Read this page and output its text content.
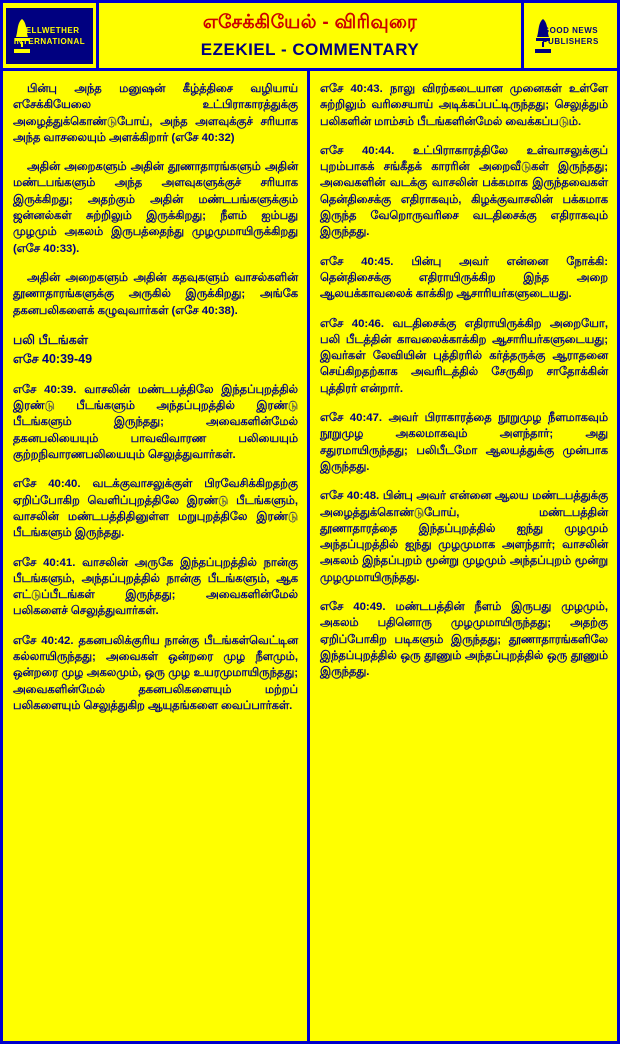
BELLWETHER
INTERNATIONAL
எசேக்கியேல் - விரிவுரை
EZEKIEL - COMMENTARY
GOOD NEWS
PUBLISHERS

பின்பு அந்த மனுஷன் கீழ்த்திசை வழியாய் எசேக்கியேலை உட்பிராகாரத்துக்கு அழைத்துக்கொண்டுபோய், அந்த அளவுக்குச் சரியாக அந்த வாசலையும் அளக்கிறார் (எசே 40:32)

அதின் அறைகளும் அதின் தூணாதாரங்களும் அதின் மண்டபங்களும் அந்த அளவுகளுக்குச் சரியாக இருக்கிறது; அதற்கும் அதின் மண்டபங்களுக்கும் ஜன்னல்கள் சுற்றிலும் இருக்கிறது; நீளம் ஐம்பது முழமும் அகலம் இருபத்தைந்து முழமுமாயிருக்கிறது (எசே 40:33).

அதின் அறைகளும் அதின் கதவுகளும் வாசல்களின் தூணாதாரங்களுக்கு அருகில் இருக்கிறது; அங்கே தகனபலிகளைக் கழுவுவார்கள் (எசே 40:38).

பலி பீடங்கள்
எசே 40:39-49

எசே 40:39. வாசலின் மண்டபத்திலே இந்தப்புறத்தில் இரண்டு பீடங்களும் அந்தப்புறத்தில் இரண்டு பீடங்களும் இருந்தது; அவைகளின்மேல் தகனபலியையும் பாவவிவாரண பலியையும் குற்றநிவாரணபலியையும் செலுத்துவார்கள்.

எசே 40:40. வடக்குவாசலுக்குள் பிரவேசிக்கிறதற்கு ஏறிப்போகிற வெளிப்புறத்திலே இரண்டு பீடங்களும், வாசலின் மண்டபத்திதினுள்ள மறுபுறத்திலே இரண்டு பீடங்களும் இருந்தது.

எசே 40:41. வாசலின் அருகே இந்தப்புறத்தில் நான்கு பீடங்களும், அந்தப்புறத்தில் நான்கு பீடங்களும், ஆக எட்டுப்பீடங்கள் இருந்தது; அவைகளின்மேல் பலிகளைச் செலுத்துவார்கள்.

எசே 40:42. தகனபலிக்குரிய நான்கு பீடங்கள்வெட்டின கல்லாயிருந்தது; அவைகள் ஒன்றரை முழ நீளமும், ஒன்றரை முழ அகலமும், ஒரு முழ உயரமுமாயிருந்தது; அவைகளின்மேல் தகனபலிகளையும் மற்றப் பலிகளையும் செலுத்துகிற ஆயுதங்களை வைப்பார்கள்.

எசே 40:43. நாலு விரற்கடையான முனைகள் உள்ளே சுற்றிலும் வரிசையாய் அடிக்கப்பட்டிருந்தது; செலுத்தும் பலிகளின் மாம்சம் பீடங்களின்மேல் வைக்கப்படும்.

எசே 40:44. உட்பிராகாரத்திலே உள்வாசலுக்குப் புறம்பாகக் சங்கீதக் காரரின் அறைவீடுகள் இருந்தது; அவைகளின் வடக்கு வாசலின் பக்கமாக இருந்தவைகள் தென்திசைக்கு எதிராகவும், கிழக்குவாசலின் பக்கமாக இருந்த வேறொருவரிசை வடதிசைக்கு எதிராகவும் இருந்தது.

எசே 40:45. பின்பு அவர் என்னை நோக்கி: தென்திசைக்கு எதிராயிருக்கிற இந்த அறை ஆலயக்காவலைக் காக்கிற ஆசாரியர்களுடையது.

எசே 40:46. வடதிசைக்கு எதிராயிருக்கிற அறையோ, பலி பீடத்தின் காவலைக்காக்கிற ஆசாரியர்களுடையது; இவர்கள் லேவியின் புத்திரரில் கர்த்தருக்கு ஆராதனை செய்கிறதற்காக அவரிடத்தில் சேருகிற சாதோக்கின் புத்திரர் என்றார்.

எசே 40:47. அவர் பிராகாரத்தை நூறுமுழ நீளமாகவும் நூறுமுழ அகலமாகவும் அளந்தார்; அது சதுரமாயிருந்தது; பலிபீடமோ ஆலயத்துக்கு முன்பாக இருந்தது.

எசே 40:48. பின்பு அவர் என்னை ஆலய மண்டபத்துக்கு அழைத்துக்கொண்டுபோய், மண்டபத்தின் தூணாதாரத்தை இந்தப்புறத்தில் ஐந்து முழமும் அந்தப்புறத்தில் ஐந்து முழமுமாக அளந்தார்; வாசலின் அகலம் இந்தப்புறம் மூன்று முழமும் அந்தப்புறம் மூன்று முழமுமாயிருந்தது.

எசே 40:49. மண்டபத்தின் நீளம் இருபது முழமும், அகலம் பதினொரு முழமுமாயிருந்தது; அதற்கு ஏறிப்போகிற படிகளும் இருந்தது; தூணாதாரங்களிலே இந்தப்புறத்தில் ஒரு தூணும் அந்தப்புறத்தில் ஒரு தூணும் இருந்தது.
